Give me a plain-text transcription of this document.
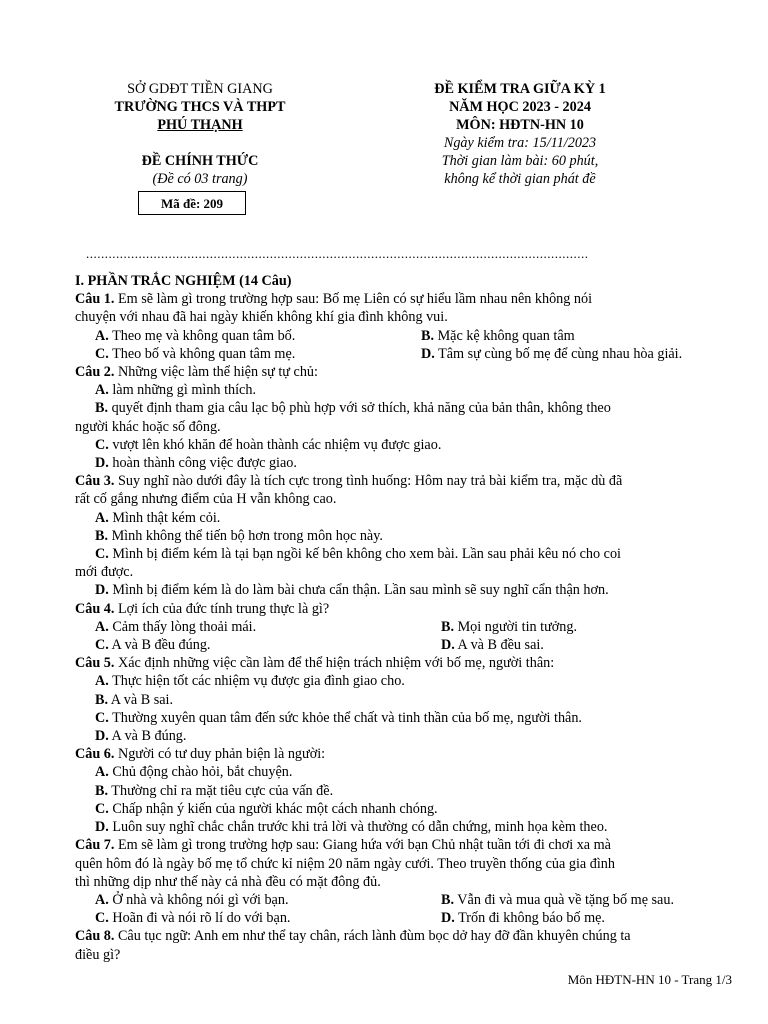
SỞ GDĐT TIỀN GIANG
TRƯỜNG THCS VÀ THPT
PHÚ THẠNH
ĐỀ CHÍNH THỨC
(Đề có 03 trang)
Mã đề: 209
ĐỀ KIỂM TRA GIỮA KỲ 1
NĂM HỌC 2023 - 2024
MÔN: HĐTN-HN 10
Ngày kiểm tra: 15/11/2023
Thời gian làm bài: 60 phút,
không kể thời gian phát đề
......................................................................................................................................
I. PHẦN TRẮC NGHIỆM (14 Câu)
Câu 1. Em sẽ làm gì trong trường hợp sau: Bố mẹ Liên có sự hiểu lầm nhau nên không nói
chuyện với nhau đã hai ngày khiến không khí gia đình không vui.
A. Theo mẹ và không quan tâm bố.	B. Mặc kệ không quan tâm
C. Theo bố và không quan tâm mẹ.	D. Tâm sự cùng bố mẹ để cùng nhau hòa giải.
Câu 2. Những việc làm thể hiện sự tự chủ:
A. làm những gì mình thích.
B. quyết định tham gia câu lạc bộ phù hợp với sở thích, khả năng của bản thân, không theo
người khác hoặc số đông.
C. vượt lên khó khăn để hoàn thành các nhiệm vụ được giao.
D. hoàn thành công việc được giao.
Câu 3. Suy nghĩ nào dưới đây là tích cực trong tình huống: Hôm nay trả bài kiểm tra, mặc dù đã
rất cố gắng nhưng điểm của H vẫn không cao.
A. Mình thật kém cỏi.
B. Mình không thể tiến bộ hơn trong môn học này.
C. Mình bị điểm kém là tại bạn ngồi kế bên không cho xem bài. Lần sau phải kêu nó cho coi
mới được.
D. Mình bị điểm kém là do làm bài chưa cẩn thận. Lần sau mình sẽ suy nghĩ cẩn thận hơn.
Câu 4. Lợi ích của đức tính trung thực là gì?
A. Cảm thấy lòng thoải mái.	B. Mọi người tin tưởng.
C. A và B đều đúng.	D. A và B đều sai.
Câu 5. Xác định những việc cần làm để thể hiện trách nhiệm với bố mẹ, người thân:
A. Thực hiện tốt các nhiệm vụ được gia đình giao cho.
B. A và B sai.
C. Thường xuyên quan tâm đến sức khỏe thể chất và tinh thần của bố mẹ, người thân.
D. A và B đúng.
Câu 6. Người có tư duy phản biện là người:
A. Chủ động chào hỏi, bắt chuyện.
B. Thường chỉ ra mặt tiêu cực của vấn đề.
C. Chấp nhận ý kiến của người khác một cách nhanh chóng.
D. Luôn suy nghĩ chắc chắn trước khi trả lời và thường có dẫn chứng, minh họa kèm theo.
Câu 7. Em sẽ làm gì trong trường hợp sau: Giang hứa với bạn Chủ nhật tuần tới đi chơi xa mà
quên hôm đó là ngày bố mẹ tổ chức kỉ niệm 20 năm ngày cưới. Theo truyền thống của gia đình
thì những dịp như thế này cả nhà đều có mặt đông đủ.
A. Ở nhà và không nói gì với bạn.	B. Vẫn đi và mua quà về tặng bố mẹ sau.
C. Hoãn đi và nói rõ lí do với bạn.	D. Trốn đi không báo bố mẹ.
Câu 8. Câu tục ngữ: Anh em như thể tay chân, rách lành đùm bọc dở hay đỡ đần khuyên chúng ta
điều gì?
Môn HĐTN-HN 10 - Trang 1/3
